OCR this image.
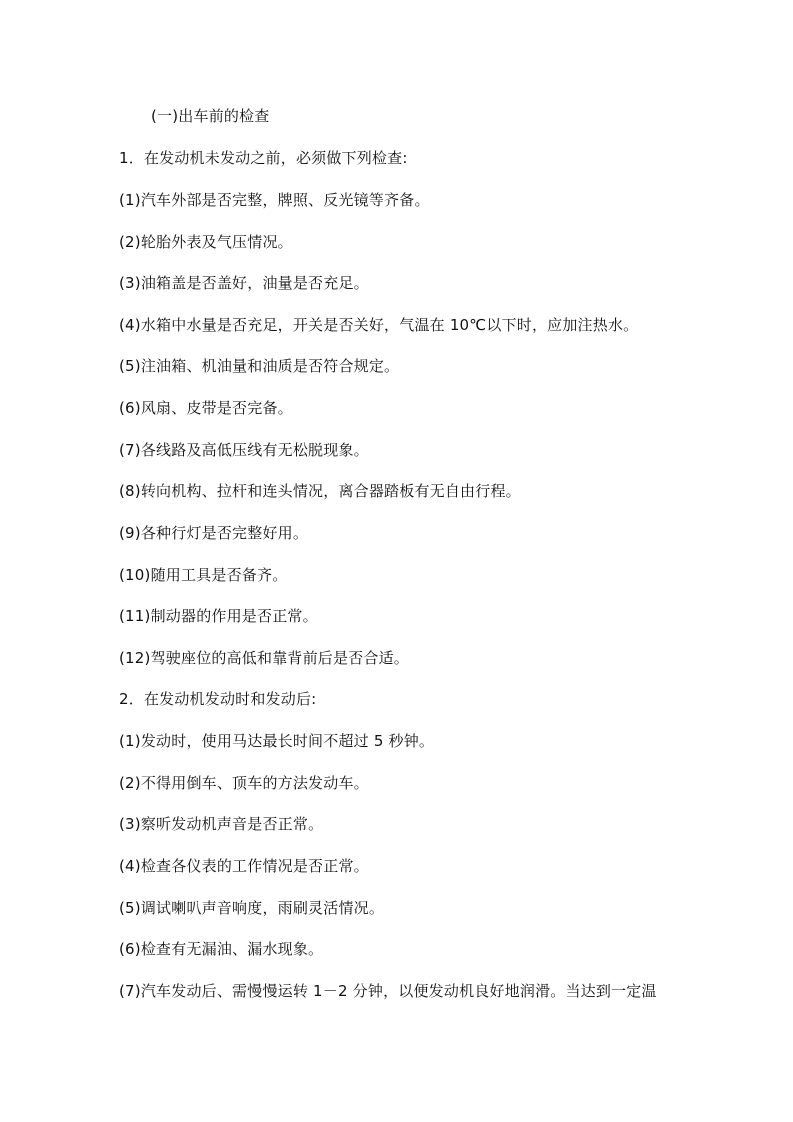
(一)出车前的检查
1．在发动机未发动之前，必须做下列检查:
(1)汽车外部是否完整，牌照、反光镜等齐备。
(2)轮胎外表及气压情况。
(3)油箱盖是否盖好，油量是否充足。
(4)水箱中水量是否充足，开关是否关好，气温在 10℃以下时，应加注热水。
(5)注油箱、机油量和油质是否符合规定。
(6)风扇、皮带是否完备。
(7)各线路及高低压线有无松脱现象。
(8)转向机构、拉杆和连头情况，离合器踏板有无自由行程。
(9)各种行灯是否完整好用。
(10)随用工具是否备齐。
(11)制动器的作用是否正常。
(12)驾驶座位的高低和靠背前后是否合适。
2．在发动机发动时和发动后:
(1)发动时，使用马达最长时间不超过 5 秒钟。
(2)不得用倒车、顶车的方法发动车。
(3)察听发动机声音是否正常。
(4)检查各仪表的工作情况是否正常。
(5)调试喇叭声音响度，雨刷灵活情况。
(6)检查有无漏油、漏水现象。
(7)汽车发动后、需慢慢运转 1－2 分钟，以便发动机良好地润滑。当达到一定温
